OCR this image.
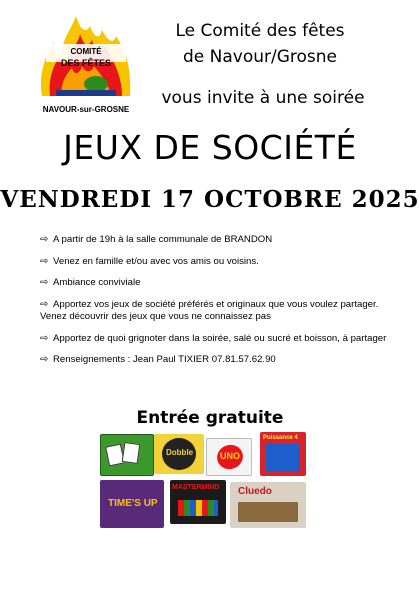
COMITÉ
DES FÊTES
NAVOUR-sur-GROSNE
Le Comité des fêtes
de Navour/Grosne
vous invite à une soirée
JEUX DE SOCIÉTÉ
VENDREDI 17 OCTOBRE 2025
⇨ A partir de 19h à la salle communale de BRANDON
⇨ Venez en famille et/ou avec vos amis ou voisins.
⇨ Ambiance conviviale
⇨ Apportez vos jeux de société préférés et originaux que vous voulez partager. Venez découvrir des jeux que vous ne connaissez pas
⇨ Apportez de quoi grignoter dans la soirée, salé ou sucré et boisson, à partager
⇨ Renseignements : Jean Paul TIXIER 07.81.57.62.90
Entrée gratuite
Dobble	UNO
Puissance 4
TIME'S UP
MASTERMIND Cluedo
